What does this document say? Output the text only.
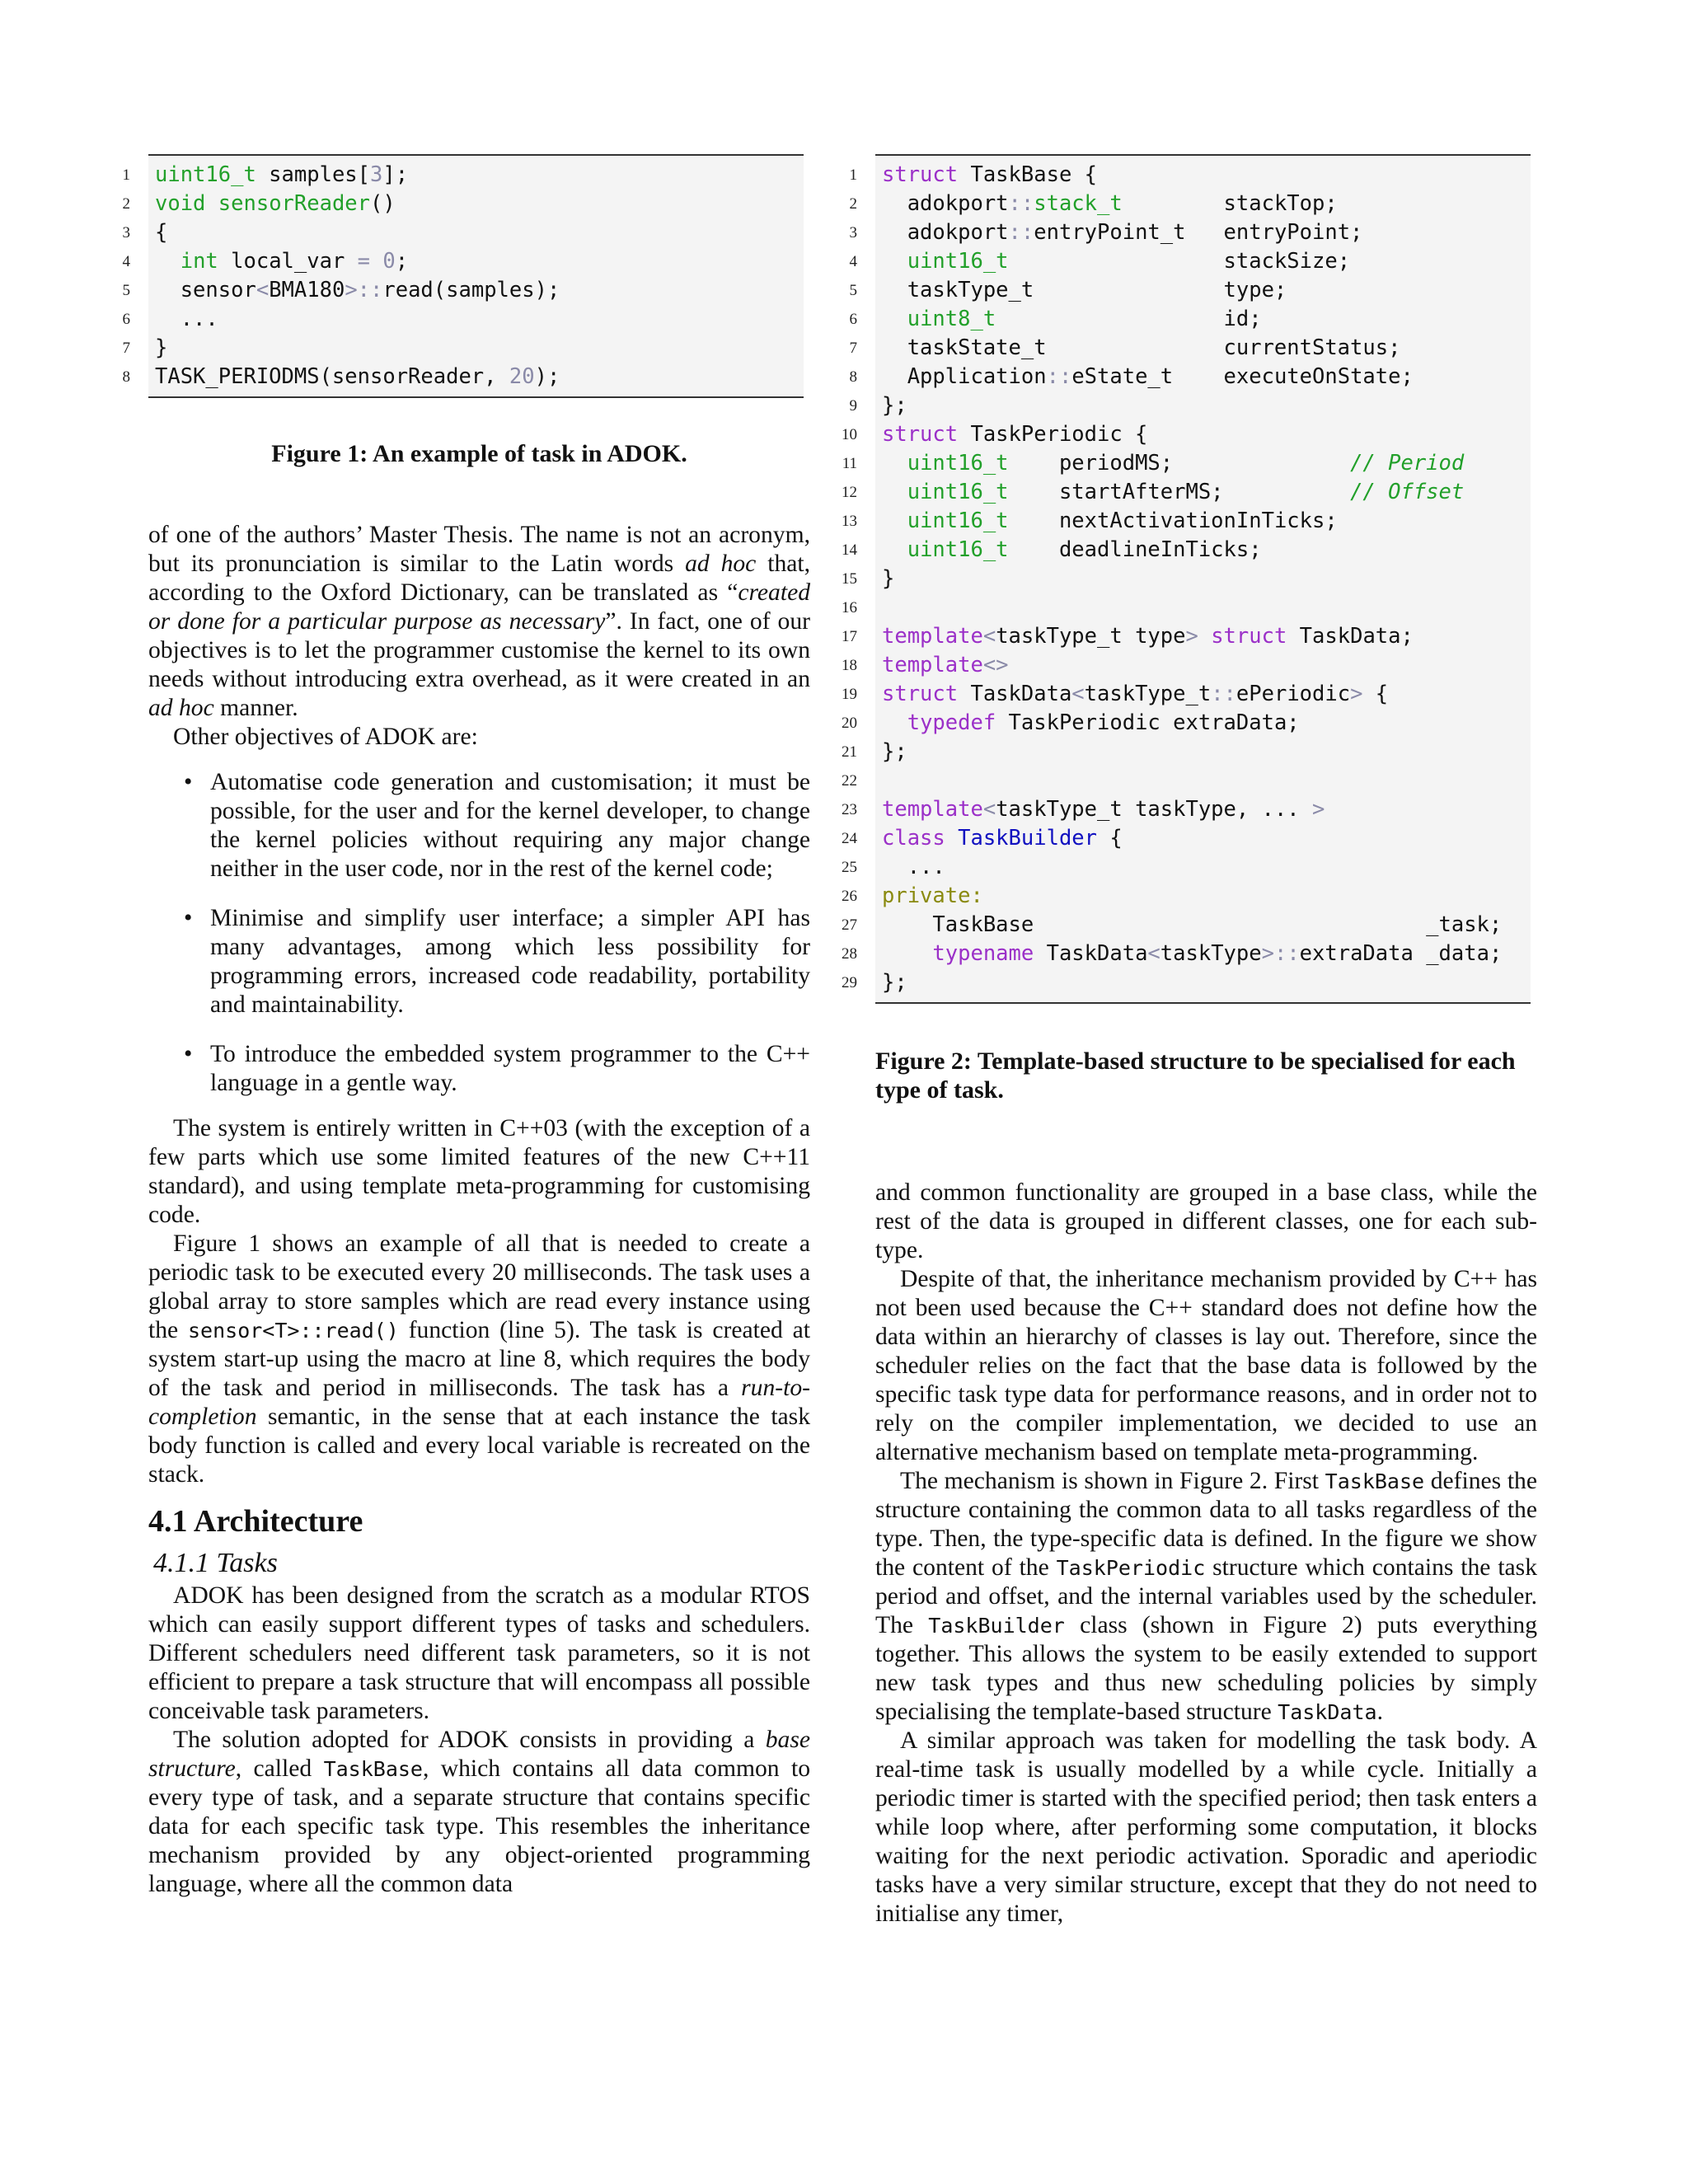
1 uint16_t samples[3];
2 void sensorReader()
3 {
4 int local_var = 0;
5 sensor<BMA180>::read(samples);
6 ...
7 }
8 TASK_PERIODMS(sensorReader, 20);
Figure 1: An example of task in ADOK.
1 struct TaskBase {
2 adokport::stack_t        stackTop;
3 adokport::entryPoint_t   entryPoint;
4 uint16_t                 stackSize;
5 taskType_t               type;
6 uint8_t                  id;
7 taskState_t              currentStatus;
8 Application::eState_t    executeOnState;
9 };
10 struct TaskPeriodic {
11 uint16_t    periodMS;              // Period
12 uint16_t    startAfterMS;          // Offset
13 uint16_t    nextActivationInTicks;
14 uint16_t    deadlineInTicks;
15 }
16
17 template<taskType_t type> struct TaskData;
18 template<>
19 struct TaskData<taskType_t::ePeriodic> {
20 typedef TaskPeriodic extraData;
21 };
22
23 template<taskType_t taskType, ... >
24 class TaskBuilder {
25 ...
26 private:
27 TaskBase                               _task;
28	typename TaskData<taskType>::extraData _data;
29 };
Figure 2: Template-based structure to be specialised for each type of task.

of one of the authors’ Master Thesis. The name is not an acronym, but its pronunciation is similar to the Latin words ad hoc that, according to the Oxford Dictionary, can be translated as “created or done for a particular purpose as necessary”. In fact, one of our objectives is to let the programmer customise the kernel to its own needs without introducing extra overhead, as it were created in an ad hoc manner.

Other objectives of ADOK are:

• Automatise code generation and customisation; it must be possible, for the user and for the kernel developer, to change the kernel policies without requiring any major change neither in the user code, nor in the rest of the kernel code;
• Minimise and simplify user interface; a simpler API has many advantages, among which less possibility for programming errors, increased code readability, portability and maintainability.
• To introduce the embedded system programmer to the C++ language in a gentle way.

The system is entirely written in C++03 (with the exception of a few parts which use some limited features of the new C++11 standard), and using template meta-programming for customising code.

Figure 1 shows an example of all that is needed to create a periodic task to be executed every 20 milliseconds. The task uses a global array to store samples which are read every instance using the sensor<T>::read() function (line 5). The task is created at system start-up using the macro at line 8, which requires the body of the task and period in milliseconds. The task has a run-to-completion semantic, in the sense that at each instance the task body function is called and every local variable is recreated on the stack.

4.1 Architecture
4.1.1 Tasks

ADOK has been designed from the scratch as a modular RTOS which can easily support different types of tasks and schedulers. Different schedulers need different task parameters, so it is not efficient to prepare a task structure that will encompass all possible conceivable task parameters.

The solution adopted for ADOK consists in providing a base structure, called TaskBase, which contains all data common to every type of task, and a separate structure that contains specific data for each specific task type. This resembles the inheritance mechanism provided by any object-oriented programming language, where all the common data

and common functionality are grouped in a base class, while the rest of the data is grouped in different classes, one for each sub-type.

Despite of that, the inheritance mechanism provided by C++ has not been used because the C++ standard does not define how the data within an hierarchy of classes is lay out. Therefore, since the scheduler relies on the fact that the base data is followed by the specific task type data for performance reasons, and in order not to rely on the compiler implementation, we decided to use an alternative mechanism based on template meta-programming.

The mechanism is shown in Figure 2. First TaskBase defines the structure containing the common data to all tasks regardless of the type. Then, the type-specific data is defined. In the figure we show the content of the TaskPeriodic structure which contains the task period and offset, and the internal variables used by the scheduler. The TaskBuilder class (shown in Figure 2) puts everything together. This allows the system to be easily extended to support new task types and thus new scheduling policies by simply specialising the template-based structure TaskData.

A similar approach was taken for modelling the task body. A real-time task is usually modelled by a while cycle. Initially a periodic timer is started with the specified period; then task enters a while loop where, after performing some computation, it blocks waiting for the next periodic activation. Sporadic and aperiodic tasks have a very similar structure, except that they do not need to initialise any timer,
